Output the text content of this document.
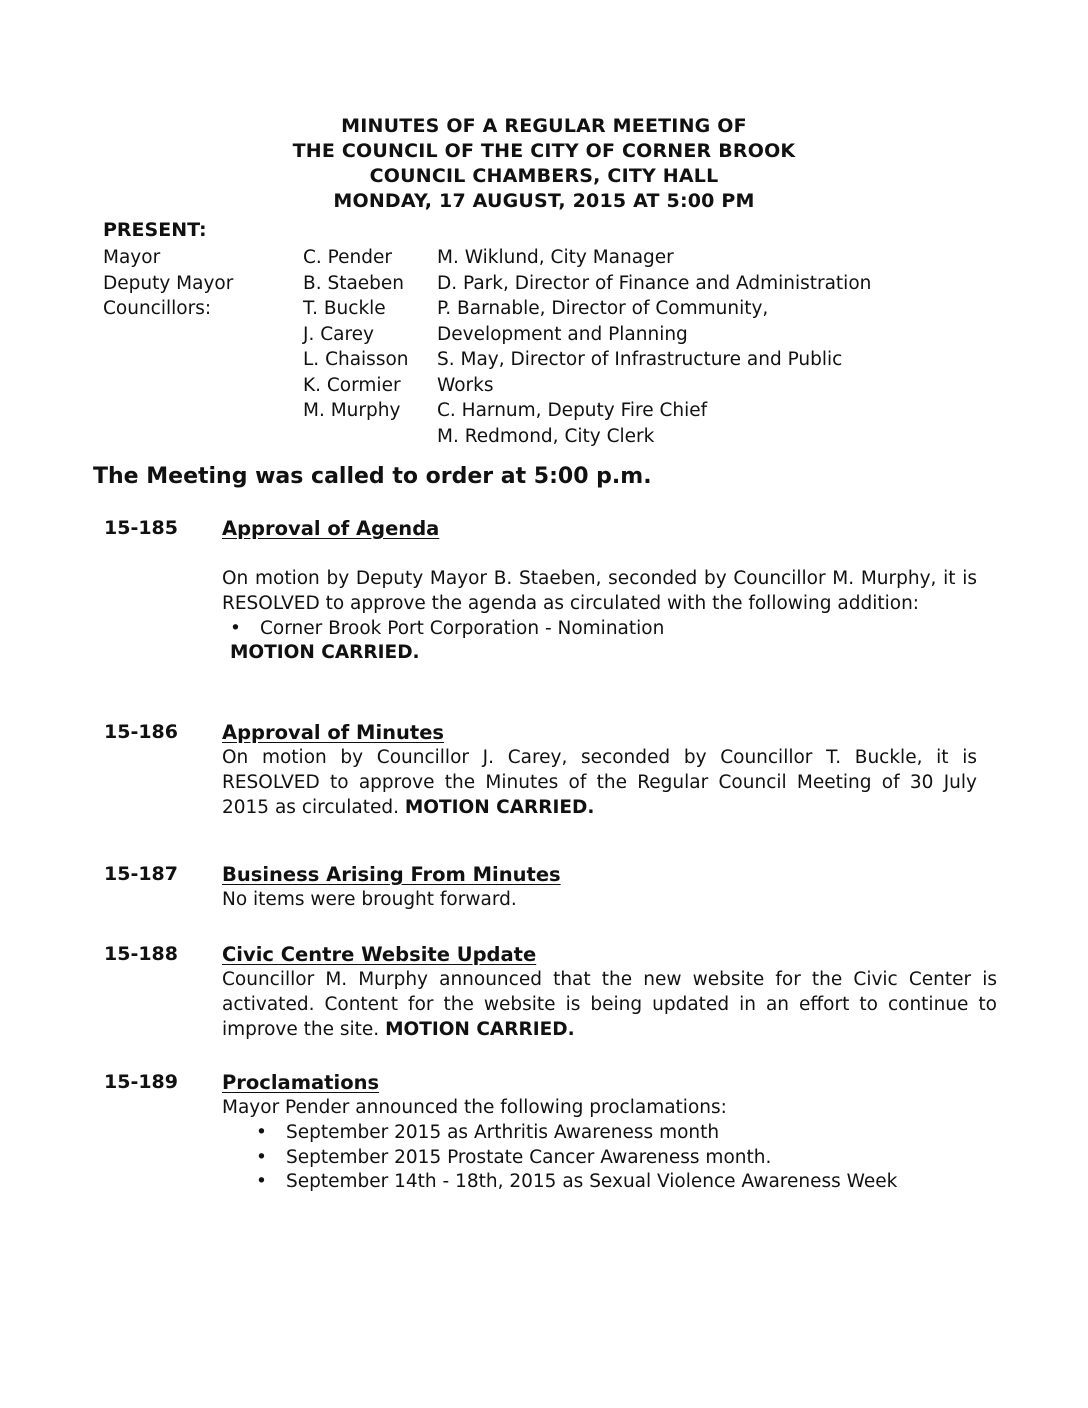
MINUTES OF A REGULAR MEETING OF
THE COUNCIL OF THE CITY OF CORNER BROOK
COUNCIL CHAMBERS, CITY HALL
MONDAY, 17 AUGUST, 2015 AT 5:00 PM
PRESENT:
Mayor
Deputy Mayor
Councillors:
C. Pender
B. Staeben
T. Buckle
J. Carey
L. Chaisson
K. Cormier
M. Murphy
M. Wiklund, City Manager
D. Park, Director of Finance and Administration
P. Barnable, Director of Community,
Development and Planning
S. May, Director of Infrastructure and Public
Works
C. Harnum, Deputy Fire Chief
M. Redmond, City Clerk
The Meeting was called to order at 5:00 p.m.
15-185 Approval of Agenda
On motion by Deputy Mayor B. Staeben, seconded by Councillor M. Murphy, it is RESOLVED to approve the agenda as circulated with the following addition:
• Corner Brook Port Corporation - Nomination
MOTION CARRIED.
15-186 Approval of Minutes
On motion by Councillor J. Carey, seconded by Councillor T. Buckle, it is RESOLVED to approve the Minutes of the Regular Council Meeting of 30 July 2015 as circulated. MOTION CARRIED.
15-187 Business Arising From Minutes
No items were brought forward.
15-188 Civic Centre Website Update
Councillor M. Murphy announced that the new website for the Civic Center is activated. Content for the website is being updated in an effort to continue to improve the site. MOTION CARRIED.
15-189 Proclamations
Mayor Pender announced the following proclamations:
• September 2015 as Arthritis Awareness month
• September 2015 Prostate Cancer Awareness month.
• September 14th - 18th, 2015 as Sexual Violence Awareness Week
